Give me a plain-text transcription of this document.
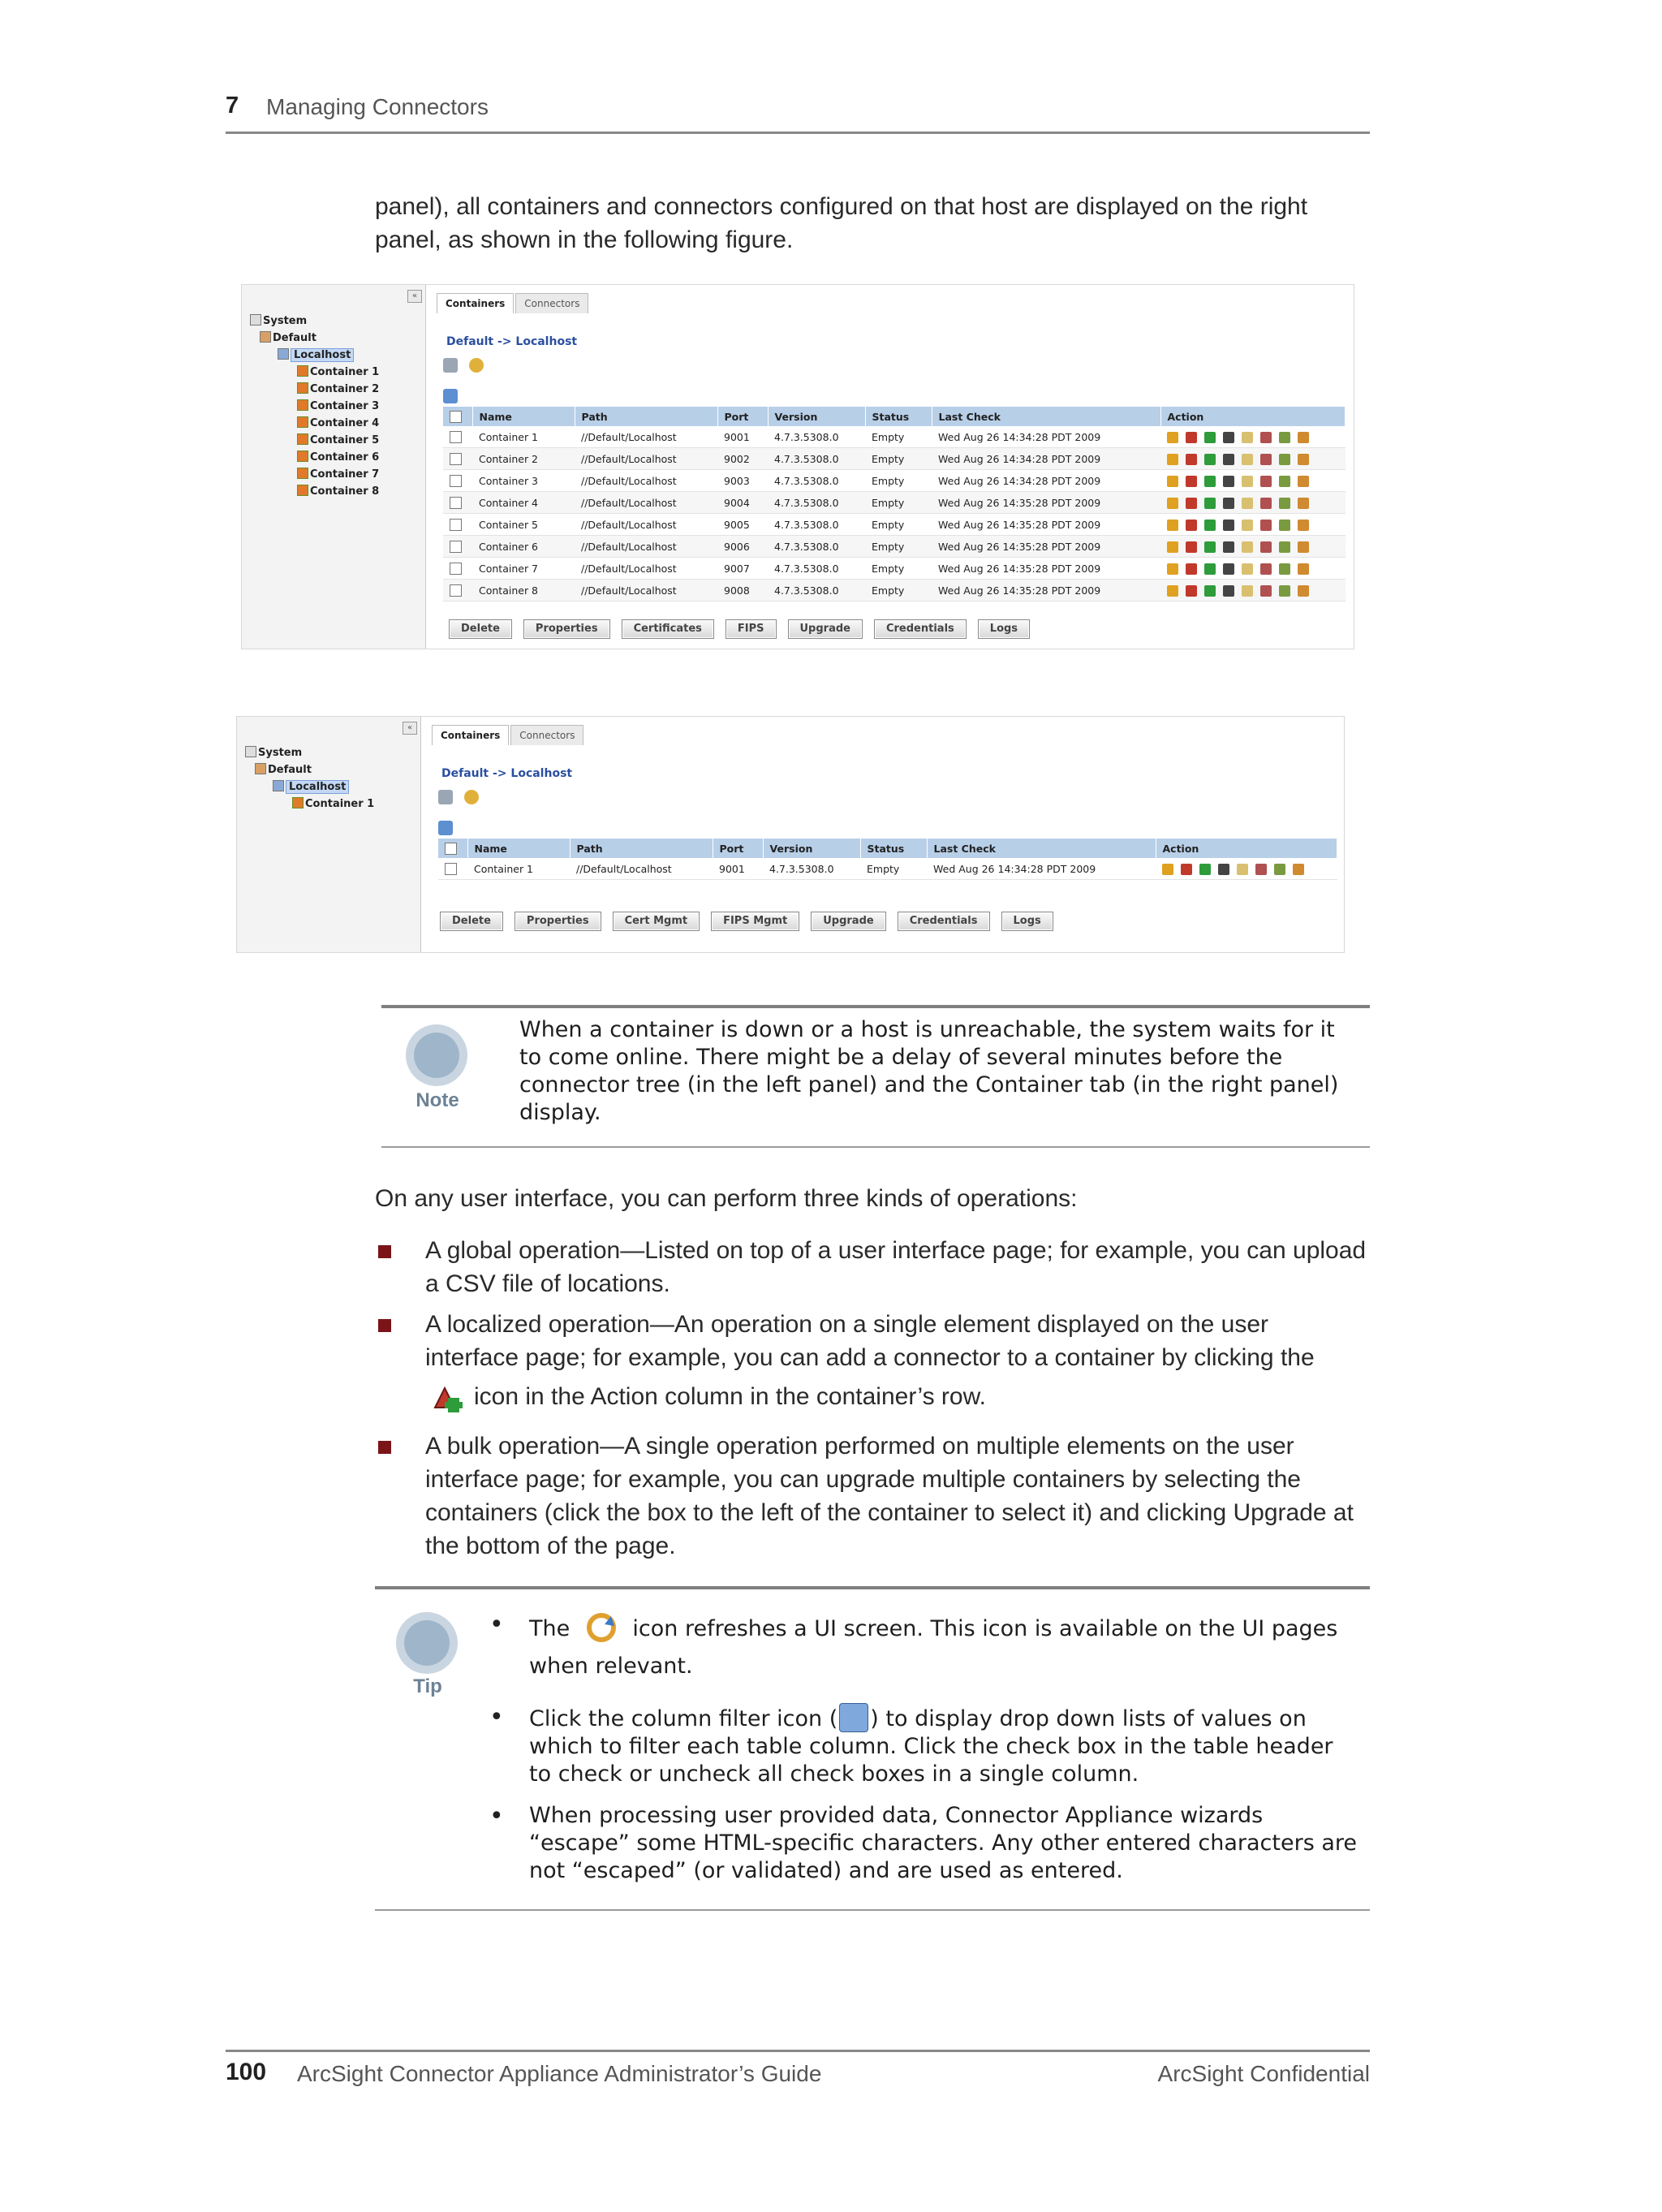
7 Managing Connectors
panel), all containers and connectors configured on that host are displayed on the right panel, as shown in the following figure.
«
System
Default
Localhost
Container 1
Container 2
Container 3
Container 4
Container 5
Container 6
Container 7
Container 8
Containers Connectors
Default -> Localhost
	Name	Path	Port	Version	Status	Last Check	Action
	Container 1	//Default/Localhost	9001	4.7.3.5308.0	Empty	Wed Aug 26 14:34:28 PDT 2009	
	Container 2	//Default/Localhost	9002	4.7.3.5308.0	Empty	Wed Aug 26 14:34:28 PDT 2009	
	Container 3	//Default/Localhost	9003	4.7.3.5308.0	Empty	Wed Aug 26 14:34:28 PDT 2009	
	Container 4	//Default/Localhost	9004	4.7.3.5308.0	Empty	Wed Aug 26 14:35:28 PDT 2009	
	Container 5	//Default/Localhost	9005	4.7.3.5308.0	Empty	Wed Aug 26 14:35:28 PDT 2009	
	Container 6	//Default/Localhost	9006	4.7.3.5308.0	Empty	Wed Aug 26 14:35:28 PDT 2009	
	Container 7	//Default/Localhost	9007	4.7.3.5308.0	Empty	Wed Aug 26 14:35:28 PDT 2009	
	Container 8	//Default/Localhost	9008	4.7.3.5308.0	Empty	Wed Aug 26 14:35:28 PDT 2009	
Delete	Properties	Certificates	FIPS	Upgrade	Credentials	Logs
«
System
Default
Localhost
Container 1
Containers Connectors
Default -> Localhost
	Name	Path	Port	Version	Status	Last Check	Action
	Container 1	//Default/Localhost	9001	4.7.3.5308.0	Empty	Wed Aug 26 14:34:28 PDT 2009	
Delete	Properties	Cert Mgmt	FIPS Mgmt	Upgrade	Credentials	Logs
Note
When a container is down or a host is unreachable, the system waits for it to come online. There might be a delay of several minutes before the connector tree (in the left panel) and the Container tab (in the right panel) display.
On any user interface, you can perform three kinds of operations:
A global operation—Listed on top of a user interface page; for example, you can upload a CSV file of locations.
A localized operation—An operation on a single element displayed on the user interface page; for example, you can add a connector to a container by clicking the
icon in the Action column in the container’s row.
A bulk operation—A single operation performed on multiple elements on the user interface page; for example, you can upgrade multiple containers by selecting the containers (click the box to the left of the container to select it) and clicking Upgrade at the bottom of the page.
Tip
• The	icon refreshes a UI screen. This icon is available on the UI pages when relevant.
• Click the column filter icon ( ) to display drop down lists of values on which to filter each table column. Click the check box in the table header to check or uncheck all check boxes in a single column.
• When processing user provided data, Connector Appliance wizards “escape” some HTML-specific characters. Any other entered characters are not “escaped” (or validated) and are used as entered.
100 ArcSight Connector Appliance Administrator’s Guide	ArcSight Confidential
